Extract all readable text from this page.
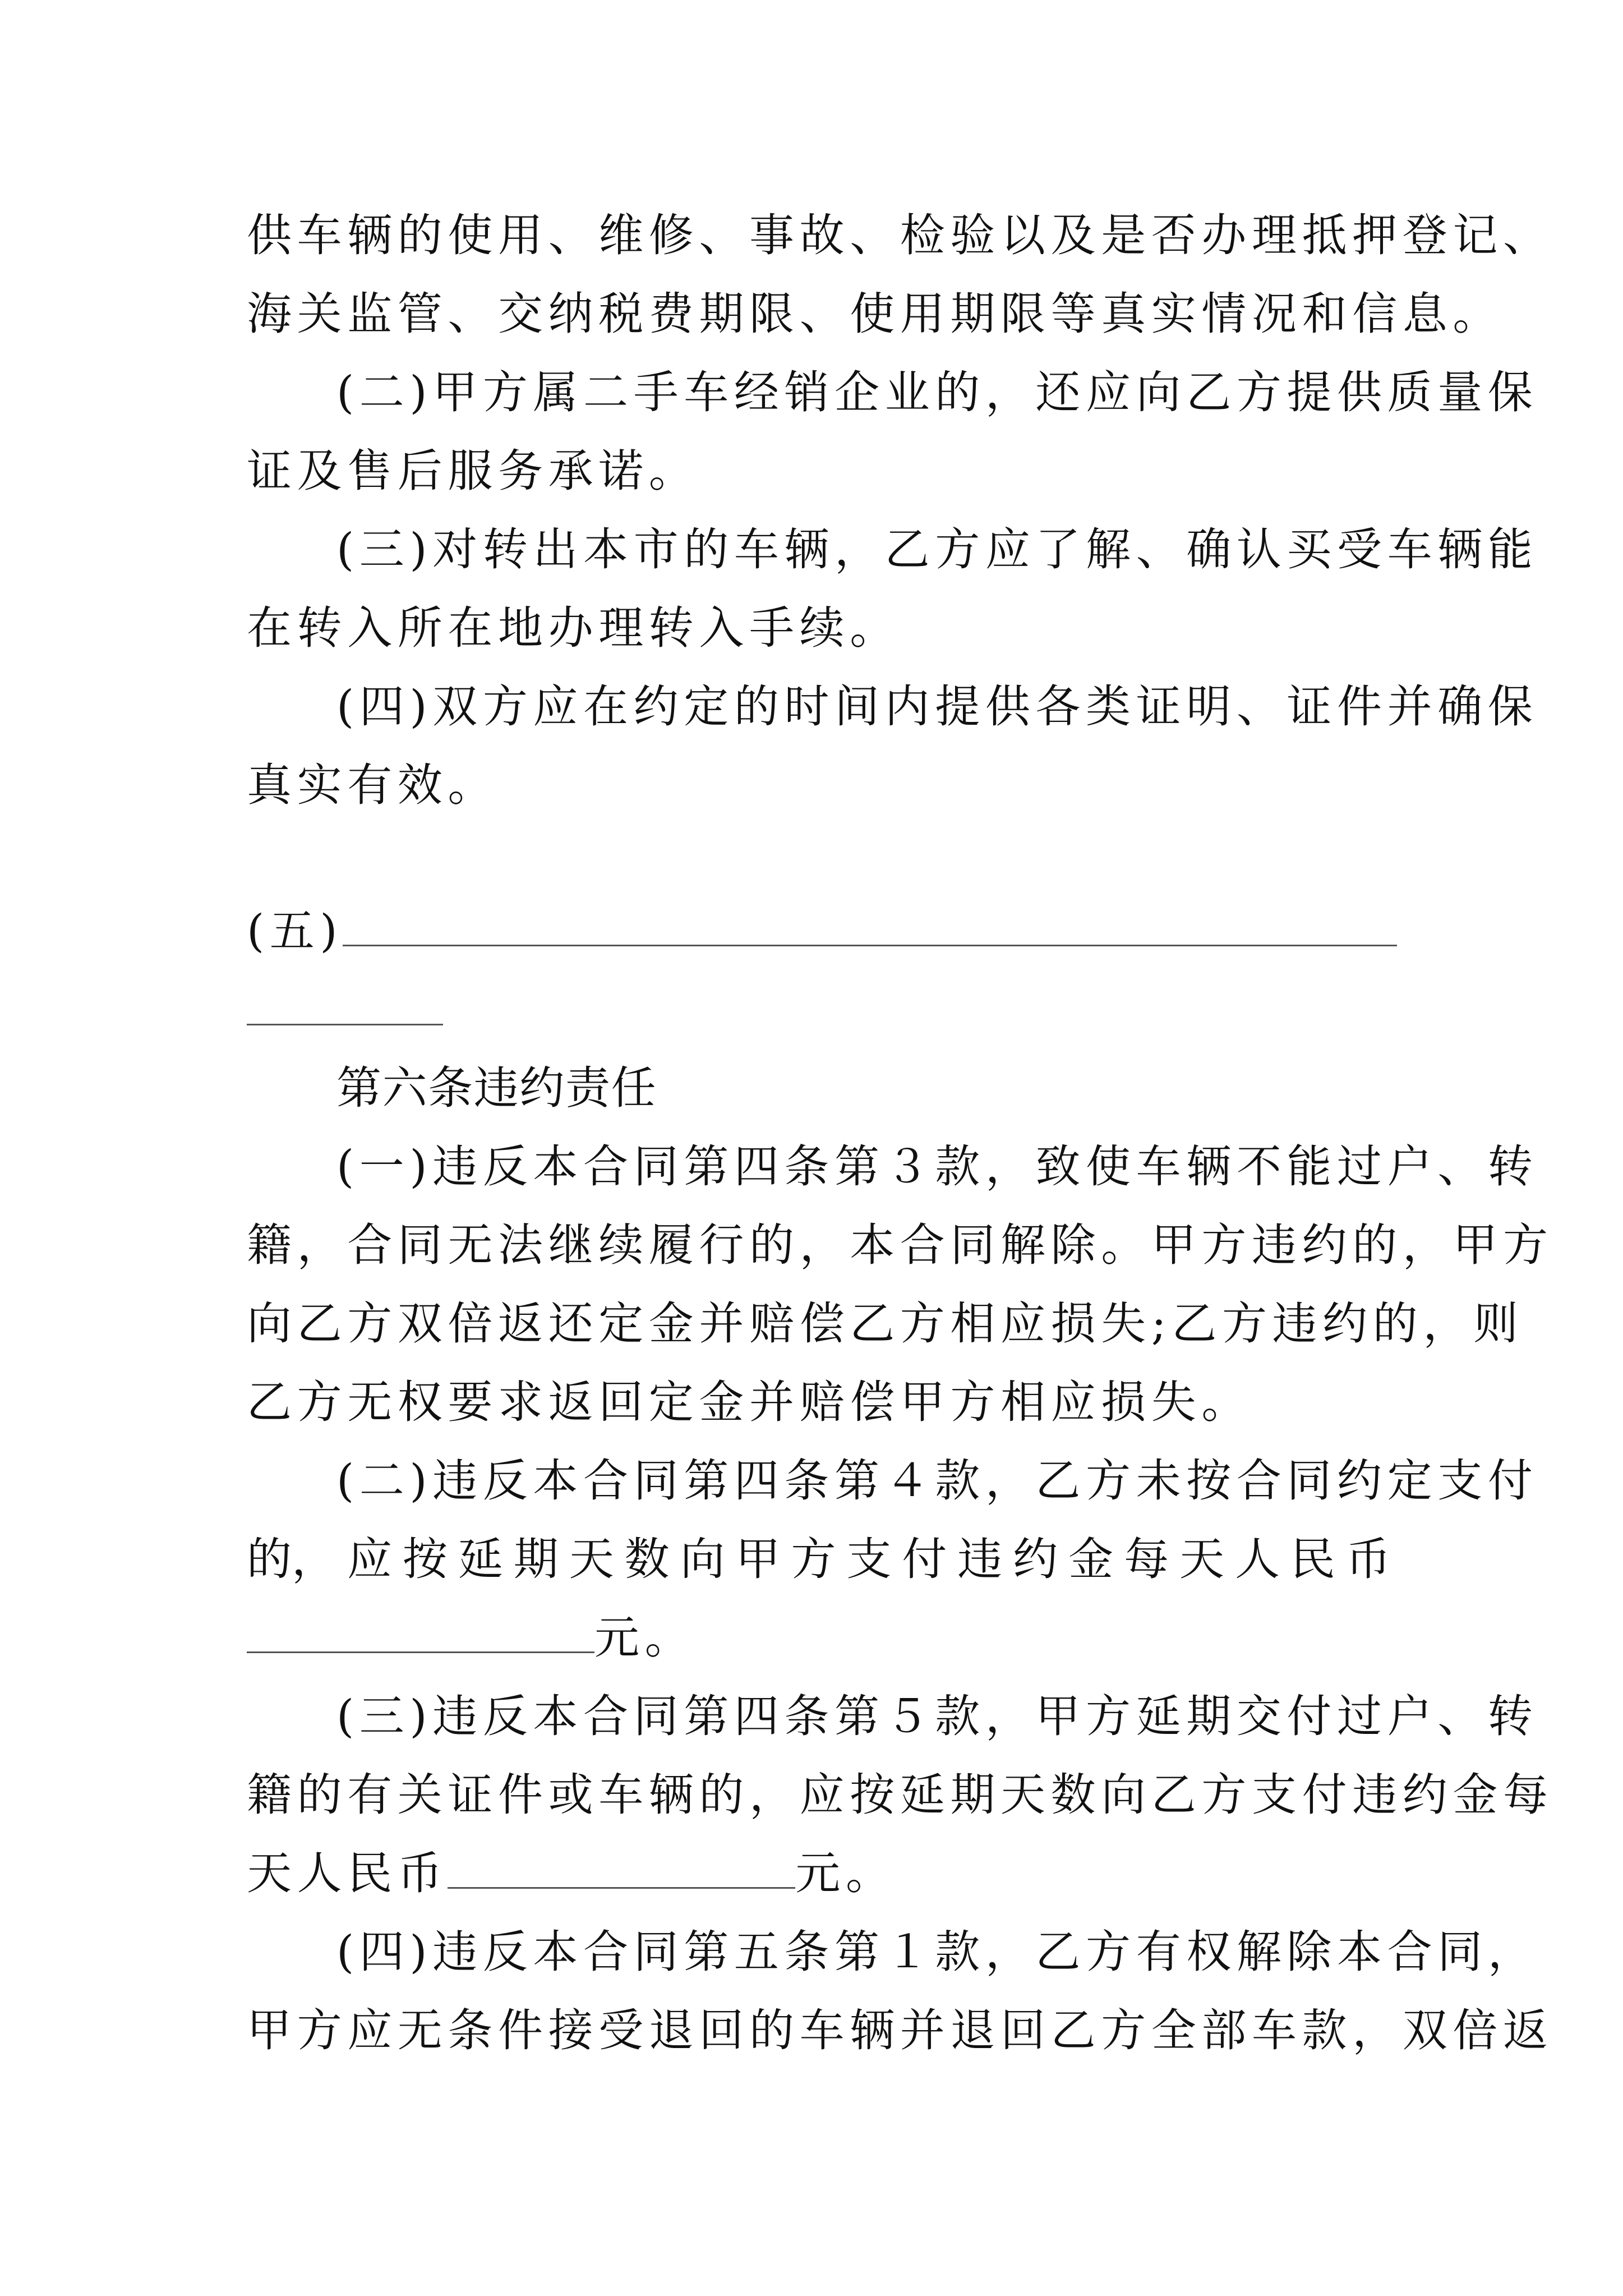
供车辆的使用、维修、事故、检验以及是否办理抵押登记、
海关监管、交纳税费期限、使用期限等真实情况和信息。
(二)甲方属二手车经销企业的，还应向乙方提供质量保
证及售后服务承诺。
(三)对转出本市的车辆，乙方应了解、确认买受车辆能
在转入所在地办理转入手续。
(四)双方应在约定的时间内提供各类证明、证件并确保
真实有效。
(五)
第六条违约责任
(一)违反本合同第四条第３款，致使车辆不能过户、转
籍，合同无法继续履行的，本合同解除。甲方违约的，甲方
向乙方双倍返还定金并赔偿乙方相应损失;乙方违约的，则
乙方无权要求返回定金并赔偿甲方相应损失。
(二)违反本合同第四条第４款，乙方未按合同约定支付
的， 应 按 延 期 天 数 向 甲 方 支 付 违 约 金 每 天 人 民 币
元。
(三)违反本合同第四条第５款，甲方延期交付过户、转
籍的有关证件或车辆的，应按延期天数向乙方支付违约金每
天人民币	元。
(四)违反本合同第五条第１款，乙方有权解除本合同，
甲方应无条件接受退回的车辆并退回乙方全部车款，双倍返
